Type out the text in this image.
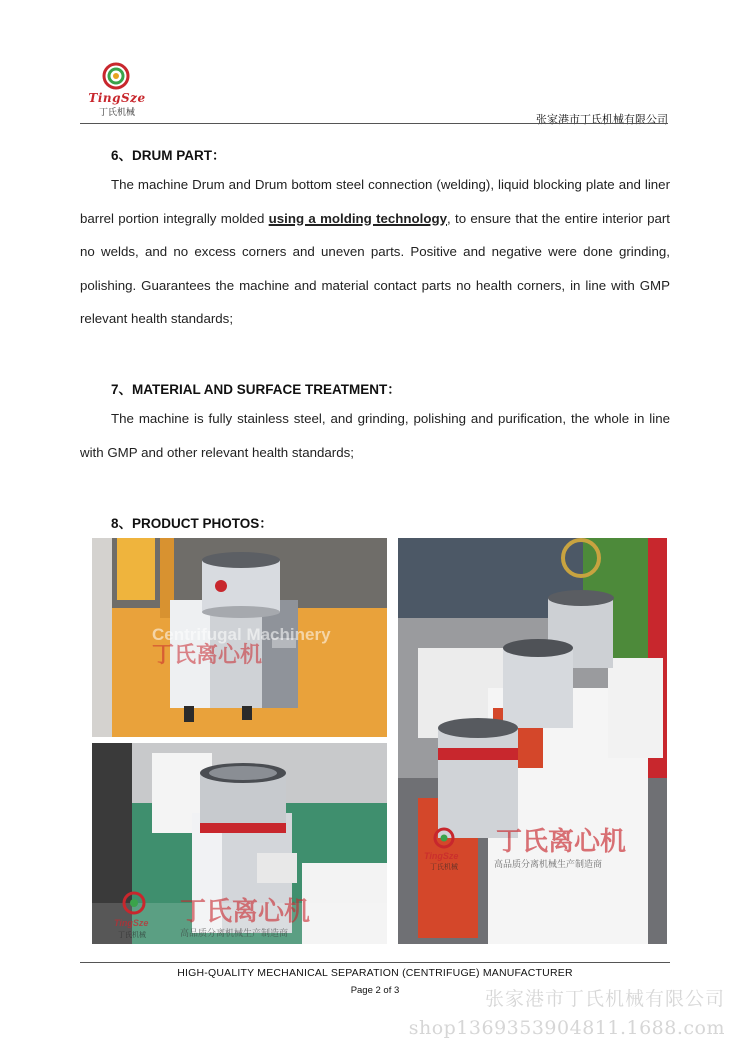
TingSze
丁氏机械
张家港市丁氏机械有限公司
6、DRUM PART：
The machine Drum and Drum bottom steel connection (welding), liquid blocking plate and liner barrel portion integrally molded using a molding technology, to ensure that the entire interior part no welds, and no excess corners and uneven parts. Positive and negative were done grinding, polishing. Guarantees the machine and material contact parts no health corners, in line with GMP relevant health standards;
7、MATERIAL AND SURFACE TREATMENT：
The machine is fully stainless steel, and grinding, polishing and purification, the whole in line with GMP and other relevant health standards;
8、PRODUCT PHOTOS：
Centrifugal Machinery
丁氏离心机
TingSze
丁氏机械
丁氏离心机
高品质分离机械生产制造商
TingSze
丁氏机械
丁氏离心机
高品质分离机械生产制造商
HIGH-QUALITY MECHANICAL SEPARATION (CENTRIFUGE) MANUFACTURER
Page 2 of 3	张家港市丁氏机械有限公司
shop1369353904811.1688.com
